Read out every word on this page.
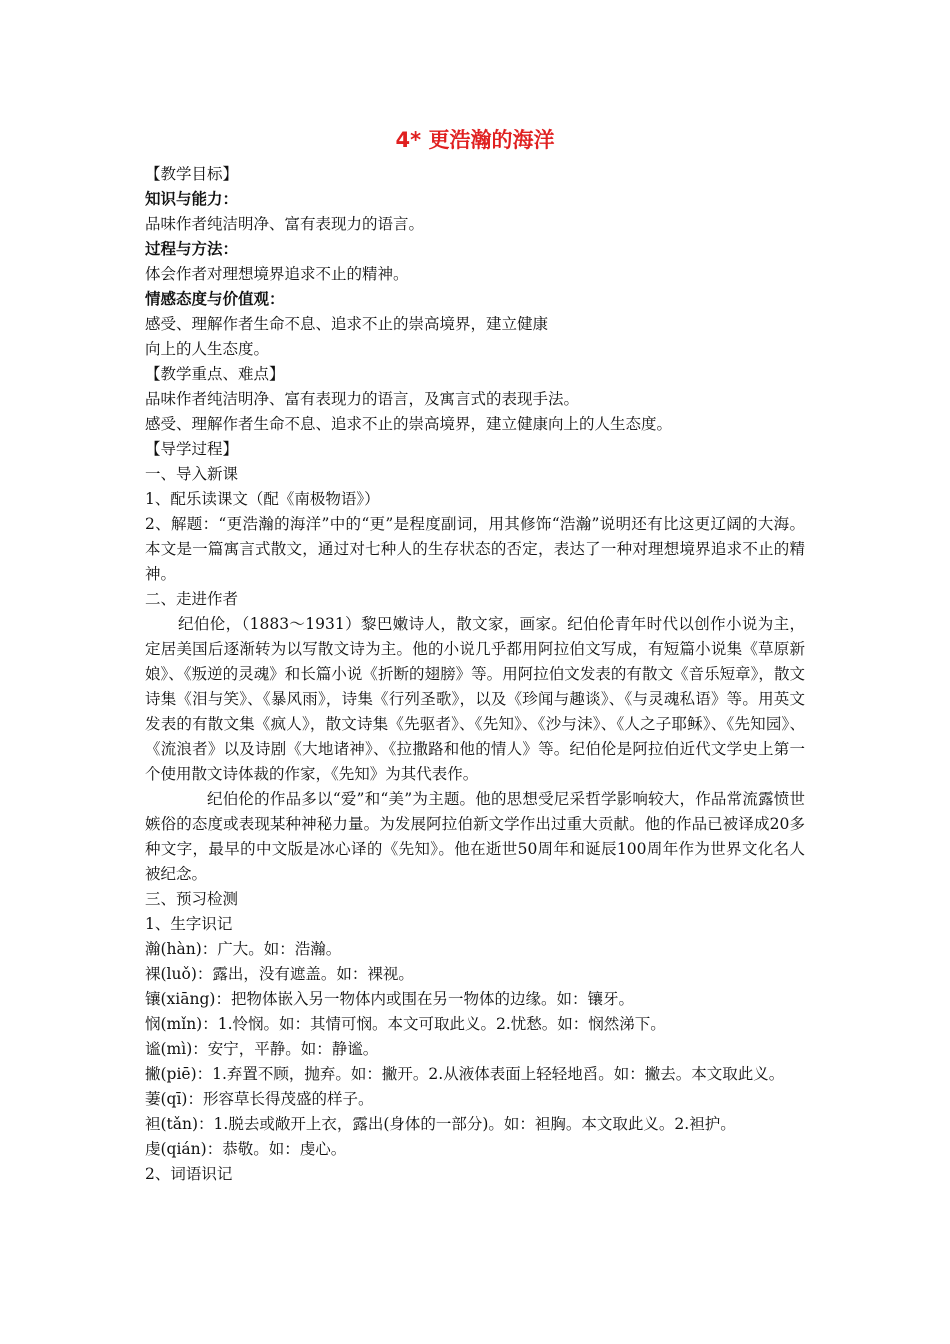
4* 更浩瀚的海洋

【教学目标】

知识与能力：

品味作者纯洁明净、富有表现力的语言。

过程与方法：

体会作者对理想境界追求不止的精神。

情感态度与价值观：

感受、理解作者生命不息、追求不止的崇高境界，建立健康

向上的人生态度。

【教学重点、难点】

品味作者纯洁明净、富有表现力的语言，及寓言式的表现手法。

感受、理解作者生命不息、追求不止的崇高境界，建立健康向上的人生态度。

【导学过程】

一、导入新课

1、配乐读课文（配《南极物语》）

2、解题：“更浩瀚的海洋”中的“更”是程度副词，用其修饰“浩瀚”说明还有比这更辽阔的大海。本文是一篇寓言式散文，通过对七种人的生存状态的否定，表达了一种对理想境界追求不止的精神。

二、走进作者

纪伯伦，（1883～1931）黎巴嫩诗人，散文家，画家。纪伯伦青年时代以创作小说为主，定居美国后逐渐转为以写散文诗为主。他的小说几乎都用阿拉伯文写成，有短篇小说集《草原新娘》、《叛逆的灵魂》和长篇小说《折断的翅膀》等。用阿拉伯文发表的有散文《音乐短章》，散文诗集《泪与笑》、《暴风雨》，诗集《行列圣歌》，以及《珍闻与趣谈》、《与灵魂私语》等。用英文发表的有散文集《疯人》，散文诗集《先驱者》、《先知》、《沙与沫》、《人之子耶稣》、《先知园》、《流浪者》以及诗剧《大地诸神》、《拉撒路和他的情人》等。纪伯伦是阿拉伯近代文学史上第一个使用散文诗体裁的作家，《先知》为其代表作。

纪伯伦的作品多以“爱”和“美”为主题。他的思想受尼采哲学影响较大，作品常流露愤世嫉俗的态度或表现某种神秘力量。为发展阿拉伯新文学作出过重大贡献。他的作品已被译成20多种文字，最早的中文版是冰心译的《先知》。他在逝世50周年和诞辰100周年作为世界文化名人被纪念。

三、预习检测

1、生字识记

瀚(hàn)：广大。如：浩瀚。

裸(luǒ)：露出，没有遮盖。如：裸视。

镶(xiāng)：把物体嵌入另一物体内或围在另一物体的边缘。如：镶牙。

悯(mǐn)：1.怜悯。如：其情可悯。本文可取此义。2.忧愁。如：悯然涕下。

谧(mì)：安宁，平静。如：静谧。

撇(piē)：1.弃置不顾，抛弃。如：撇开。2.从液体表面上轻轻地舀。如：撇去。本文取此义。

萋(qī)：形容草长得茂盛的样子。

袒(tǎn)：1.脱去或敞开上衣，露出(身体的一部分)。如：袒胸。本文取此义。2.袒护。

虔(qián)：恭敬。如：虔心。

2、词语识记
